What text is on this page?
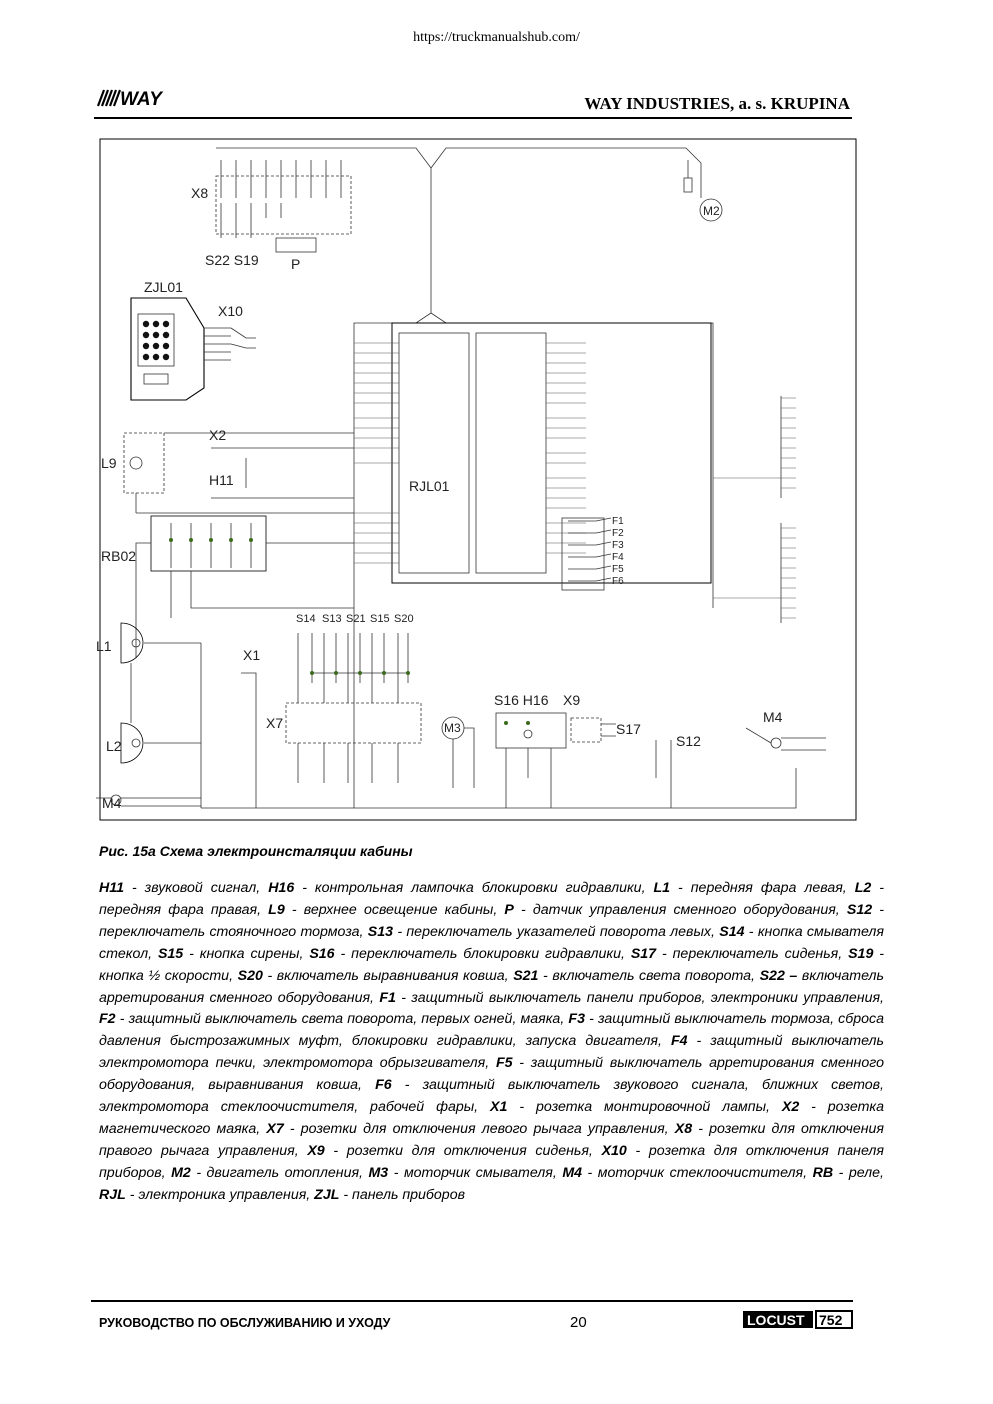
https://truckmanualshub.com/
WAY	WAY INDUSTRIES, a. s. KRUPINA
X8
S22 S19 P
M2
ZJL01
X10
X2
L9
H11	RJL01
RB02
L1
X1
L2
M4
X7	M3
S16 H16 X9
S17
S12
M4
S14 S13 S21 S15 S20
F1
F2
F3
F4
F5
F6
Рис. 15a Схема электроинсталяции кабины
H11 - звуковой сигнал, H16 - контрольная лампочка блокировки гидравлики, L1 - передняя фара левая, L2 - передняя фара правая, L9 - верхнее освещение кабины, P - датчик управления сменного оборудования, S12 - переключатель стояночного тормоза, S13 - переключатель указателей поворота левых, S14 - кнопка смывателя стекол, S15 - кнопка сирены, S16 - переключатель блокировки гидравлики, S17 - переключатель сиденья, S19 - кнопка ½ скорости, S20 - включатель выравнивания ковша, S21 - включатель света поворота, S22 – включатель арретирования сменного оборудования, F1 - защитный выключатель панели приборов, электроники управления, F2 - защитный выключатель света поворота, первых огней, маяка, F3 - защитный выключатель тормоза, сброса давления быстрозажимных муфт, блокировки гидравлики, запуска двигателя, F4 - защитный выключатель электромотора печки, электромотора обрызгивателя, F5 - защитный выключатель арретирования сменного оборудования, выравнивания ковша, F6 - защитный выключатель звукового сигнала, ближних светов, электромотора стеклоочистителя, рабочей фары, X1 - розетка монтировочной лампы, X2 - розетка магнетического маяка, X7 - розетки для отключения левого рычага управления, X8 - розетки для отключения правого рычага управления, X9 - розетки для отключения сиденья, X10 - розетка для отключения панеля приборов, M2 - двигатель отопления, M3 - моторчик смывателя, M4 - моторчик стеклоочистителя, RB - реле, RJL - электроника управления, ZJL - панель приборов
РУКОВОДСТВО ПО ОБСЛУЖИВАНИЮ И УХОДУ	20	LOCUST 752
